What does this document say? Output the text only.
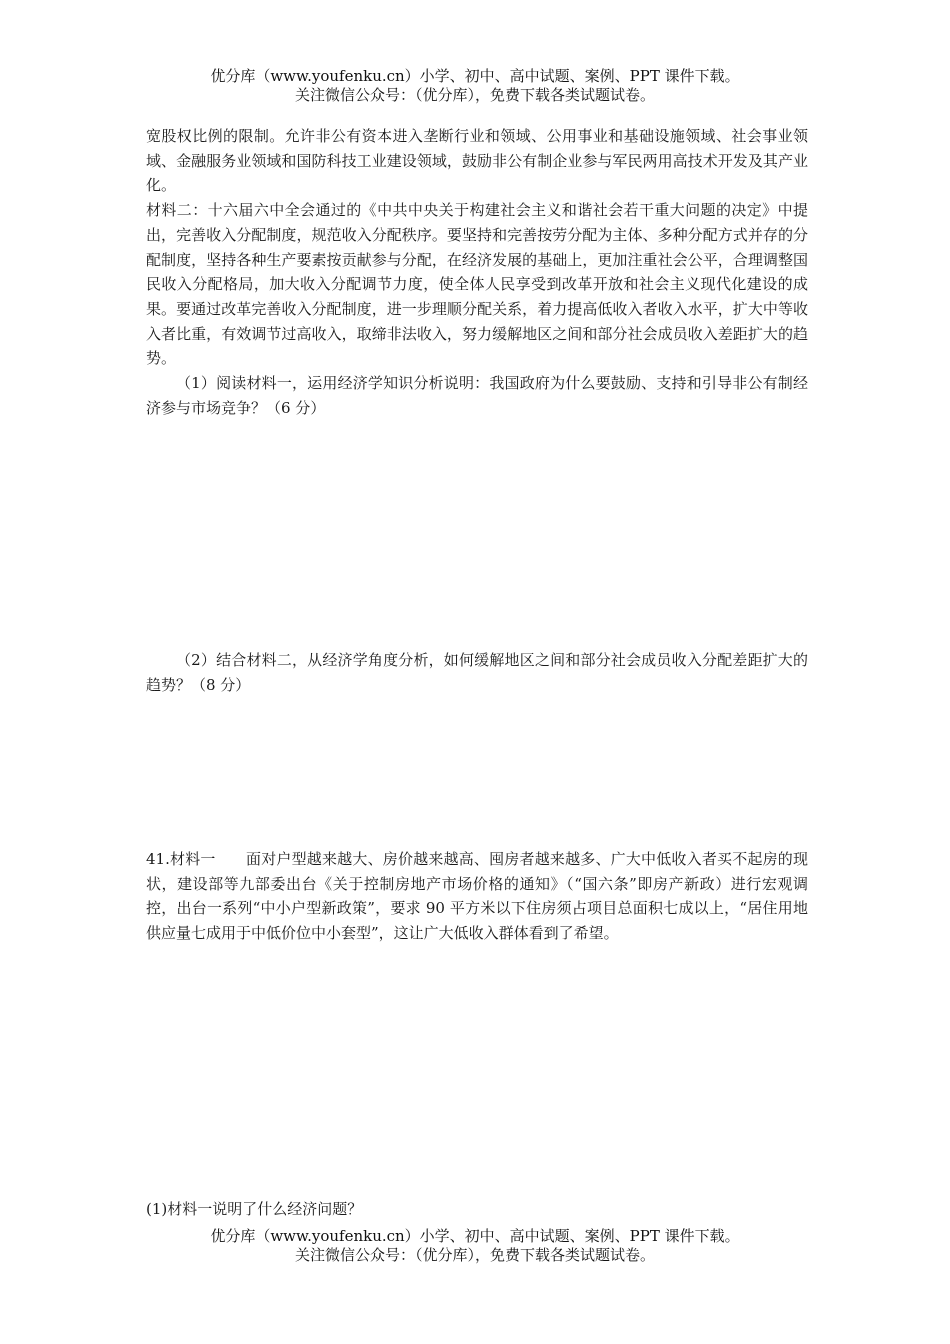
优分库（www.youfenku.cn）小学、初中、高中试题、案例、PPT 课件下载。
关注微信公众号：（优分库），免费下载各类试题试卷。

宽股权比例的限制。允许非公有资本进入垄断行业和领域、公用事业和基础设施领域、社会事业领域、金融服务业领域和国防科技工业建设领域，鼓励非公有制企业参与军民两用高技术开发及其产业化。

材料二：十六届六中全会通过的《中共中央关于构建社会主义和谐社会若干重大问题的决定》中提出，完善收入分配制度，规范收入分配秩序。要坚持和完善按劳分配为主体、多种分配方式并存的分配制度，坚持各种生产要素按贡献参与分配，在经济发展的基础上，更加注重社会公平，合理调整国民收入分配格局，加大收入分配调节力度，使全体人民享受到改革开放和社会主义现代化建设的成果。要通过改革完善收入分配制度，进一步理顺分配关系，着力提高低收入者收入水平，扩大中等收入者比重，有效调节过高收入，取缔非法收入，努力缓解地区之间和部分社会成员收入差距扩大的趋势。

（1）阅读材料一，运用经济学知识分析说明：我国政府为什么要鼓励、支持和引导非公有制经济参与市场竞争？（6 分）

（2）结合材料二，从经济学角度分析，如何缓解地区之间和部分社会成员收入分配差距扩大的趋势？（8 分）

41.材料一　　面对户型越来越大、房价越来越高、囤房者越来越多、广大中低收入者买不起房的现状，建设部等九部委出台《关于控制房地产市场价格的通知》（“国六条”即房产新政）进行宏观调控，出台一系列“中小户型新政策”，要求 90 平方米以下住房须占项目总面积七成以上，“居住用地供应量七成用于中低价位中小套型”，这让广大低收入群体看到了希望。

(1)材料一说明了什么经济问题？

优分库（www.youfenku.cn）小学、初中、高中试题、案例、PPT 课件下载。
关注微信公众号：（优分库），免费下载各类试题试卷。
